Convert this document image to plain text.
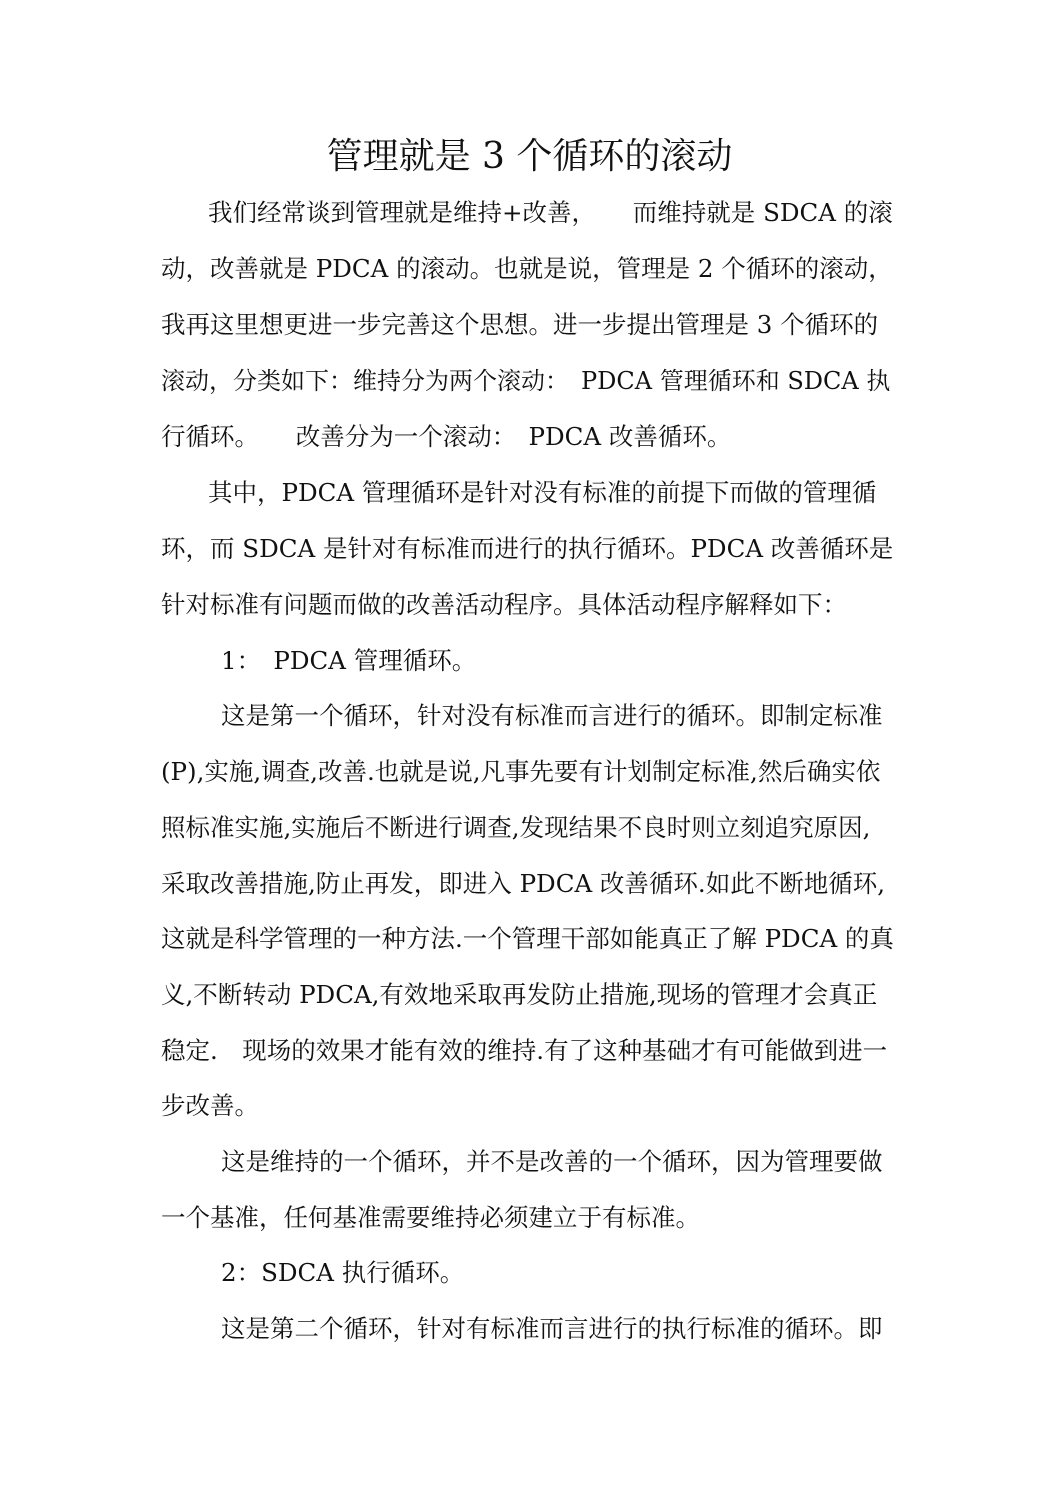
管理就是 3 个循环的滚动
我们经常谈到管理就是维持+改善，　　而维持就是 SDCA 的滚
动，改善就是 PDCA 的滚动。也就是说，管理是 2 个循环的滚动，
我再这里想更进一步完善这个思想。进一步提出管理是 3 个循环的
滚动，分类如下：维持分为两个滚动：　PDCA 管理循环和 SDCA 执
行循环。　　改善分为一个滚动：　PDCA 改善循环。
其中，PDCA 管理循环是针对没有标准的前提下而做的管理循
环，而 SDCA 是针对有标准而进行的执行循环。PDCA 改善循环是
针对标准有问题而做的改善活动程序。具体活动程序解释如下：
1：　PDCA 管理循环。
这是第一个循环，针对没有标准而言进行的循环。即制定标准
(P),实施,调查,改善.也就是说,凡事先要有计划制定标准,然后确实依
照标准实施,实施后不断进行调查,发现结果不良时则立刻追究原因,
采取改善措施,防止再发，即进入 PDCA 改善循环.如此不断地循环,
这就是科学管理的一种方法.一个管理干部如能真正了解 PDCA 的真
义,不断转动 PDCA,有效地采取再发防止措施,现场的管理才会真正
稳定.　现场的效果才能有效的维持.有了这种基础才有可能做到进一
步改善。
这是维持的一个循环，并不是改善的一个循环，因为管理要做
一个基准，任何基准需要维持必须建立于有标准。
2：SDCA 执行循环。
这是第二个循环，针对有标准而言进行的执行标准的循环。即
